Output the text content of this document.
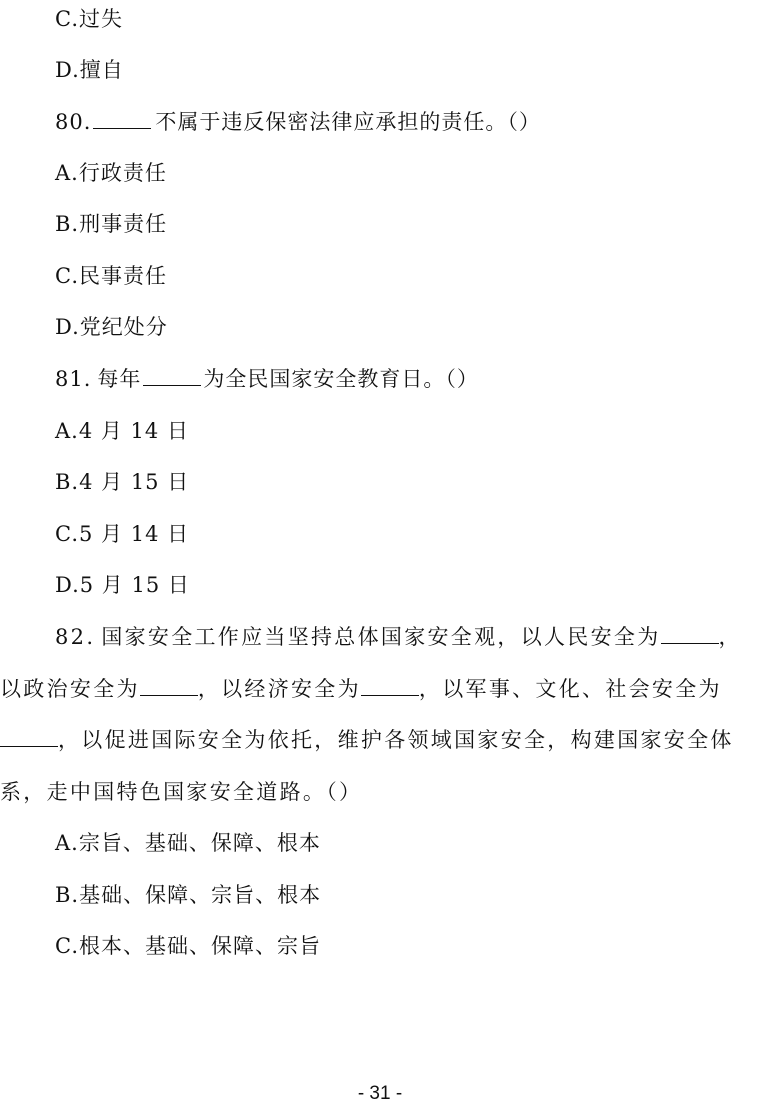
C.过失
D.擅自
80.	不属于违反保密法律应承担的责任。（）
A.行政责任
B.刑事责任
C.民事责任
D.党纪处分
81. 每年	为全民国家安全教育日。（）
A.4 月 14 日
B.4 月 15 日
C.5 月 14 日
D.5 月 15 日
82. 国家安全工作应当坚持总体国家安全观，以人民安全为	，以政治安全为	，以经济安全为	，以军事、文化、社会安全为，以促进国际安全为依托，维护各领域国家安全，构建国家安全体系，走中国特色国家安全道路。（）
A.宗旨、基础、保障、根本
B.基础、保障、宗旨、根本
C.根本、基础、保障、宗旨
- 31 -
